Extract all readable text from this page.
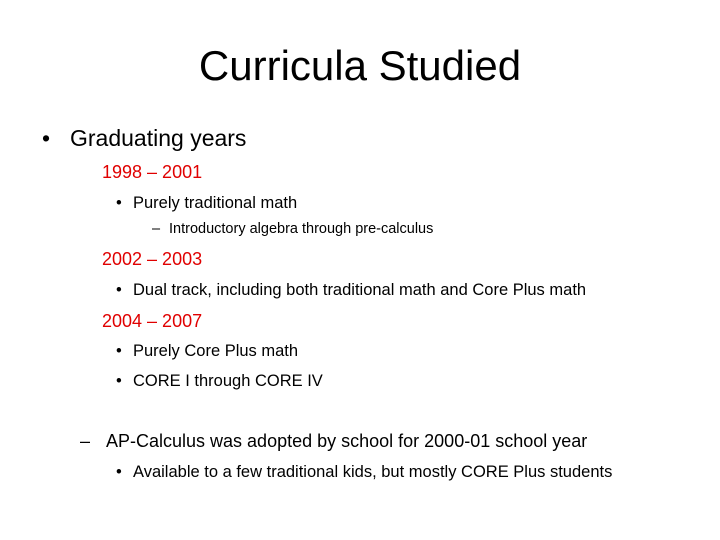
Curricula Studied
• Graduating years
1998 – 2001
• Purely traditional math
– Introductory algebra through pre-calculus
2002 – 2003
• Dual track, including both traditional math and Core Plus math
2004 – 2007
• Purely Core Plus math
• CORE I through CORE IV
– AP-Calculus was adopted by school for 2000-01 school year
• Available to a few traditional kids, but mostly CORE Plus students
